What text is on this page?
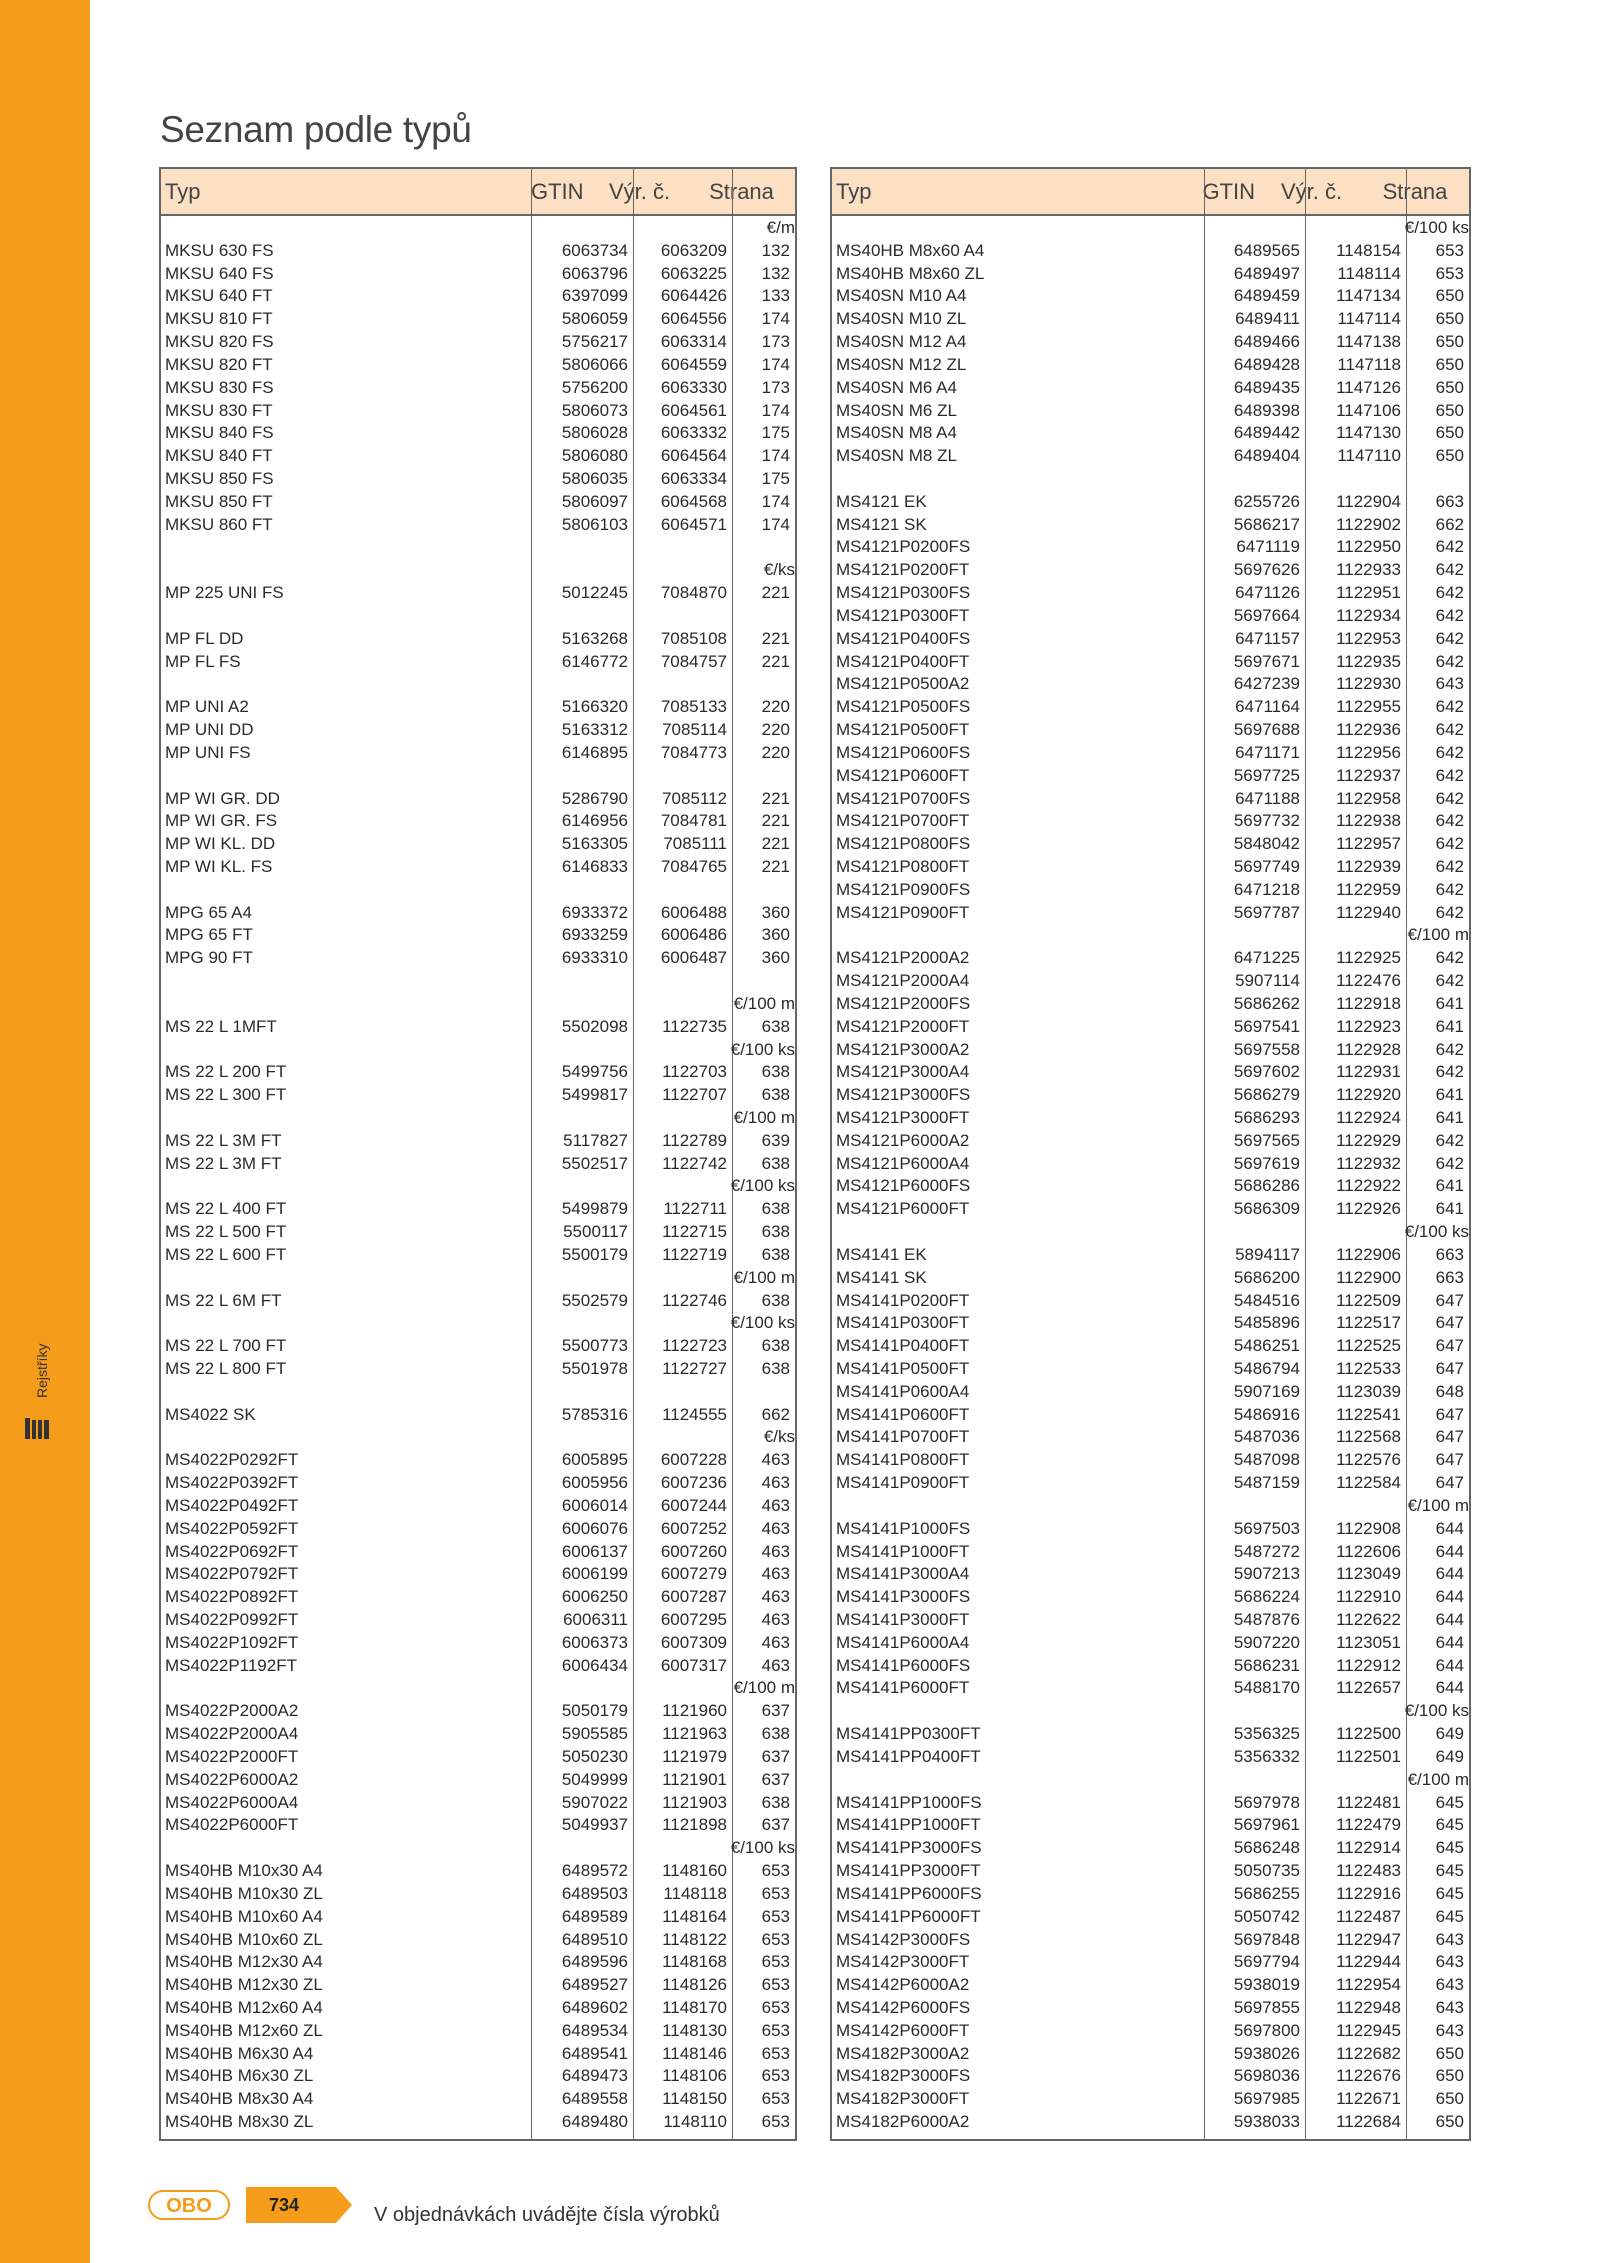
Rejstříky
Seznam podle typů
Typ	GTIN	Výr. č.	Strana
€/m
MKSU 630 FS	6063734	6063209	132
MKSU 640 FS	6063796	6063225	132
MKSU 640 FT	6397099	6064426	133
MKSU 810 FT	5806059	6064556	174
MKSU 820 FS	5756217	6063314	173
MKSU 820 FT	5806066	6064559	174
MKSU 830 FS	5756200	6063330	173
MKSU 830 FT	5806073	6064561	174
MKSU 840 FS	5806028	6063332	175
MKSU 840 FT	5806080	6064564	174
MKSU 850 FS	5806035	6063334	175
MKSU 850 FT	5806097	6064568	174
MKSU 860 FT	5806103	6064571	174
€/ks
MP 225 UNI FS	5012245	7084870	221
MP FL DD	5163268	7085108	221
MP FL FS	6146772	7084757	221
MP UNI A2	5166320	7085133	220
MP UNI DD	5163312	7085114	220
MP UNI FS	6146895	7084773	220
MP WI GR. DD	5286790	7085112	221
MP WI GR. FS	6146956	7084781	221
MP WI KL. DD	5163305	7085111	221
MP WI KL. FS	6146833	7084765	221
MPG 65 A4	6933372	6006488	360
MPG 65 FT	6933259	6006486	360
MPG 90 FT	6933310	6006487	360
€/100 m
MS 22 L 1MFT	5502098	1122735	638
€/100 ks
MS 22 L 200 FT	5499756	1122703	638
MS 22 L 300 FT	5499817	1122707	638
€/100 m
MS 22 L 3M FT	5117827	1122789	639
MS 22 L 3M FT	5502517	1122742	638
€/100 ks
MS 22 L 400 FT	5499879	1122711	638
MS 22 L 500 FT	5500117	1122715	638
MS 22 L 600 FT	5500179	1122719	638
€/100 m
MS 22 L 6M FT	5502579	1122746	638
€/100 ks
MS 22 L 700 FT	5500773	1122723	638
MS 22 L 800 FT	5501978	1122727	638
MS4022 SK	5785316	1124555	662
€/ks
MS4022P0292FT	6005895	6007228	463
MS4022P0392FT	6005956	6007236	463
MS4022P0492FT	6006014	6007244	463
MS4022P0592FT	6006076	6007252	463
MS4022P0692FT	6006137	6007260	463
MS4022P0792FT	6006199	6007279	463
MS4022P0892FT	6006250	6007287	463
MS4022P0992FT	6006311	6007295	463
MS4022P1092FT	6006373	6007309	463
MS4022P1192FT	6006434	6007317	463
€/100 m
MS4022P2000A2	5050179	1121960	637
MS4022P2000A4	5905585	1121963	638
MS4022P2000FT	5050230	1121979	637
MS4022P6000A2	5049999	1121901	637
MS4022P6000A4	5907022	1121903	638
MS4022P6000FT	5049937	1121898	637
€/100 ks
MS40HB M10x30 A4	6489572	1148160	653
MS40HB M10x30 ZL	6489503	1148118	653
MS40HB M10x60 A4	6489589	1148164	653
MS40HB M10x60 ZL	6489510	1148122	653
MS40HB M12x30 A4	6489596	1148168	653
MS40HB M12x30 ZL	6489527	1148126	653
MS40HB M12x60 A4	6489602	1148170	653
MS40HB M12x60 ZL	6489534	1148130	653
MS40HB M6x30 A4	6489541	1148146	653
MS40HB M6x30 ZL	6489473	1148106	653
MS40HB M8x30 A4	6489558	1148150	653
MS40HB M8x30 ZL	6489480	1148110	653
Typ	GTIN	Výr. č.	Strana
€/100 ks
MS40HB M8x60 A4	6489565	1148154	653
MS40HB M8x60 ZL	6489497	1148114	653
MS40SN M10 A4	6489459	1147134	650
MS40SN M10 ZL	6489411	1147114	650
MS40SN M12 A4	6489466	1147138	650
MS40SN M12 ZL	6489428	1147118	650
MS40SN M6 A4	6489435	1147126	650
MS40SN M6 ZL	6489398	1147106	650
MS40SN M8 A4	6489442	1147130	650
MS40SN M8 ZL	6489404	1147110	650
MS4121 EK	6255726	1122904	663
MS4121 SK	5686217	1122902	662
MS4121P0200FS	6471119	1122950	642
MS4121P0200FT	5697626	1122933	642
MS4121P0300FS	6471126	1122951	642
MS4121P0300FT	5697664	1122934	642
MS4121P0400FS	6471157	1122953	642
MS4121P0400FT	5697671	1122935	642
MS4121P0500A2	6427239	1122930	643
MS4121P0500FS	6471164	1122955	642
MS4121P0500FT	5697688	1122936	642
MS4121P0600FS	6471171	1122956	642
MS4121P0600FT	5697725	1122937	642
MS4121P0700FS	6471188	1122958	642
MS4121P0700FT	5697732	1122938	642
MS4121P0800FS	5848042	1122957	642
MS4121P0800FT	5697749	1122939	642
MS4121P0900FS	6471218	1122959	642
MS4121P0900FT	5697787	1122940	642
€/100 m
MS4121P2000A2	6471225	1122925	642
MS4121P2000A4	5907114	1122476	642
MS4121P2000FS	5686262	1122918	641
MS4121P2000FT	5697541	1122923	641
MS4121P3000A2	5697558	1122928	642
MS4121P3000A4	5697602	1122931	642
MS4121P3000FS	5686279	1122920	641
MS4121P3000FT	5686293	1122924	641
MS4121P6000A2	5697565	1122929	642
MS4121P6000A4	5697619	1122932	642
MS4121P6000FS	5686286	1122922	641
MS4121P6000FT	5686309	1122926	641
€/100 ks
MS4141 EK	5894117	1122906	663
MS4141 SK	5686200	1122900	663
MS4141P0200FT	5484516	1122509	647
MS4141P0300FT	5485896	1122517	647
MS4141P0400FT	5486251	1122525	647
MS4141P0500FT	5486794	1122533	647
MS4141P0600A4	5907169	1123039	648
MS4141P0600FT	5486916	1122541	647
MS4141P0700FT	5487036	1122568	647
MS4141P0800FT	5487098	1122576	647
MS4141P0900FT	5487159	1122584	647
€/100 m
MS4141P1000FS	5697503	1122908	644
MS4141P1000FT	5487272	1122606	644
MS4141P3000A4	5907213	1123049	644
MS4141P3000FS	5686224	1122910	644
MS4141P3000FT	5487876	1122622	644
MS4141P6000A4	5907220	1123051	644
MS4141P6000FS	5686231	1122912	644
MS4141P6000FT	5488170	1122657	644
€/100 ks
MS4141PP0300FT	5356325	1122500	649
MS4141PP0400FT	5356332	1122501	649
€/100 m
MS4141PP1000FS	5697978	1122481	645
MS4141PP1000FT	5697961	1122479	645
MS4141PP3000FS	5686248	1122914	645
MS4141PP3000FT	5050735	1122483	645
MS4141PP6000FS	5686255	1122916	645
MS4141PP6000FT	5050742	1122487	645
MS4142P3000FS	5697848	1122947	643
MS4142P3000FT	5697794	1122944	643
MS4142P6000A2	5938019	1122954	643
MS4142P6000FS	5697855	1122948	643
MS4142P6000FT	5697800	1122945	643
MS4182P3000A2	5938026	1122682	650
MS4182P3000FS	5698036	1122676	650
MS4182P3000FT	5697985	1122671	650
MS4182P6000A2	5938033	1122684	650
OBO	734	V objednávkách uvádějte čísla výrobků
